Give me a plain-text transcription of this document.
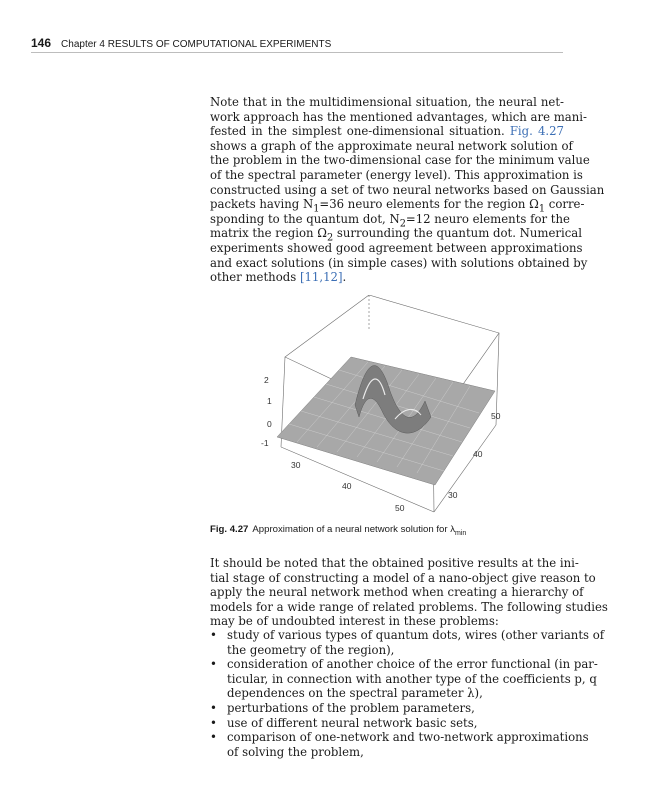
146 Chapter 4 RESULTS OF COMPUTATIONAL EXPERIMENTS
Note that in the multidimensional situation, the neural net-
work approach has the mentioned advantages, which are mani-
fested in the simplest one-dimensional situation. Fig. 4.27
shows a graph of the approximate neural network solution of
the problem in the two-dimensional case for the minimum value
of the spectral parameter (energy level). This approximation is
constructed using a set of two neural networks based on Gaussian
packets having $N_1=36$ neuro elements for the region $\Omega_1$ corre-
sponding to the quantum dot, $N_2=12$ neuro elements for the
matrix the region $\Omega_2$ surrounding the quantum dot. Numerical
experiments showed good agreement between approximations
and exact solutions (in simple cases) with solutions obtained by
other methods [11,12].
2
1
0
-1
30
40
50
50
40
30
Fig. 4.27 Approximation of a neural network solution for $\lambda_{min}$
It should be noted that the obtained positive results at the ini-
tial stage of constructing a model of a nano-object give reason to
apply the neural network method when creating a hierarchy of
models for a wide range of related problems. The following studies
may be of undoubted interest in these problems:
• study of various types of quantum dots, wires (other variants of
the geometry of the region),
• consideration of another choice of the error functional (in par-
ticular, in connection with another type of the coefficients p, q
dependences on the spectral parameter λ),
• perturbations of the problem parameters,
• use of different neural network basic sets,
• comparison of one-network and two-network approximations
of solving the problem,
